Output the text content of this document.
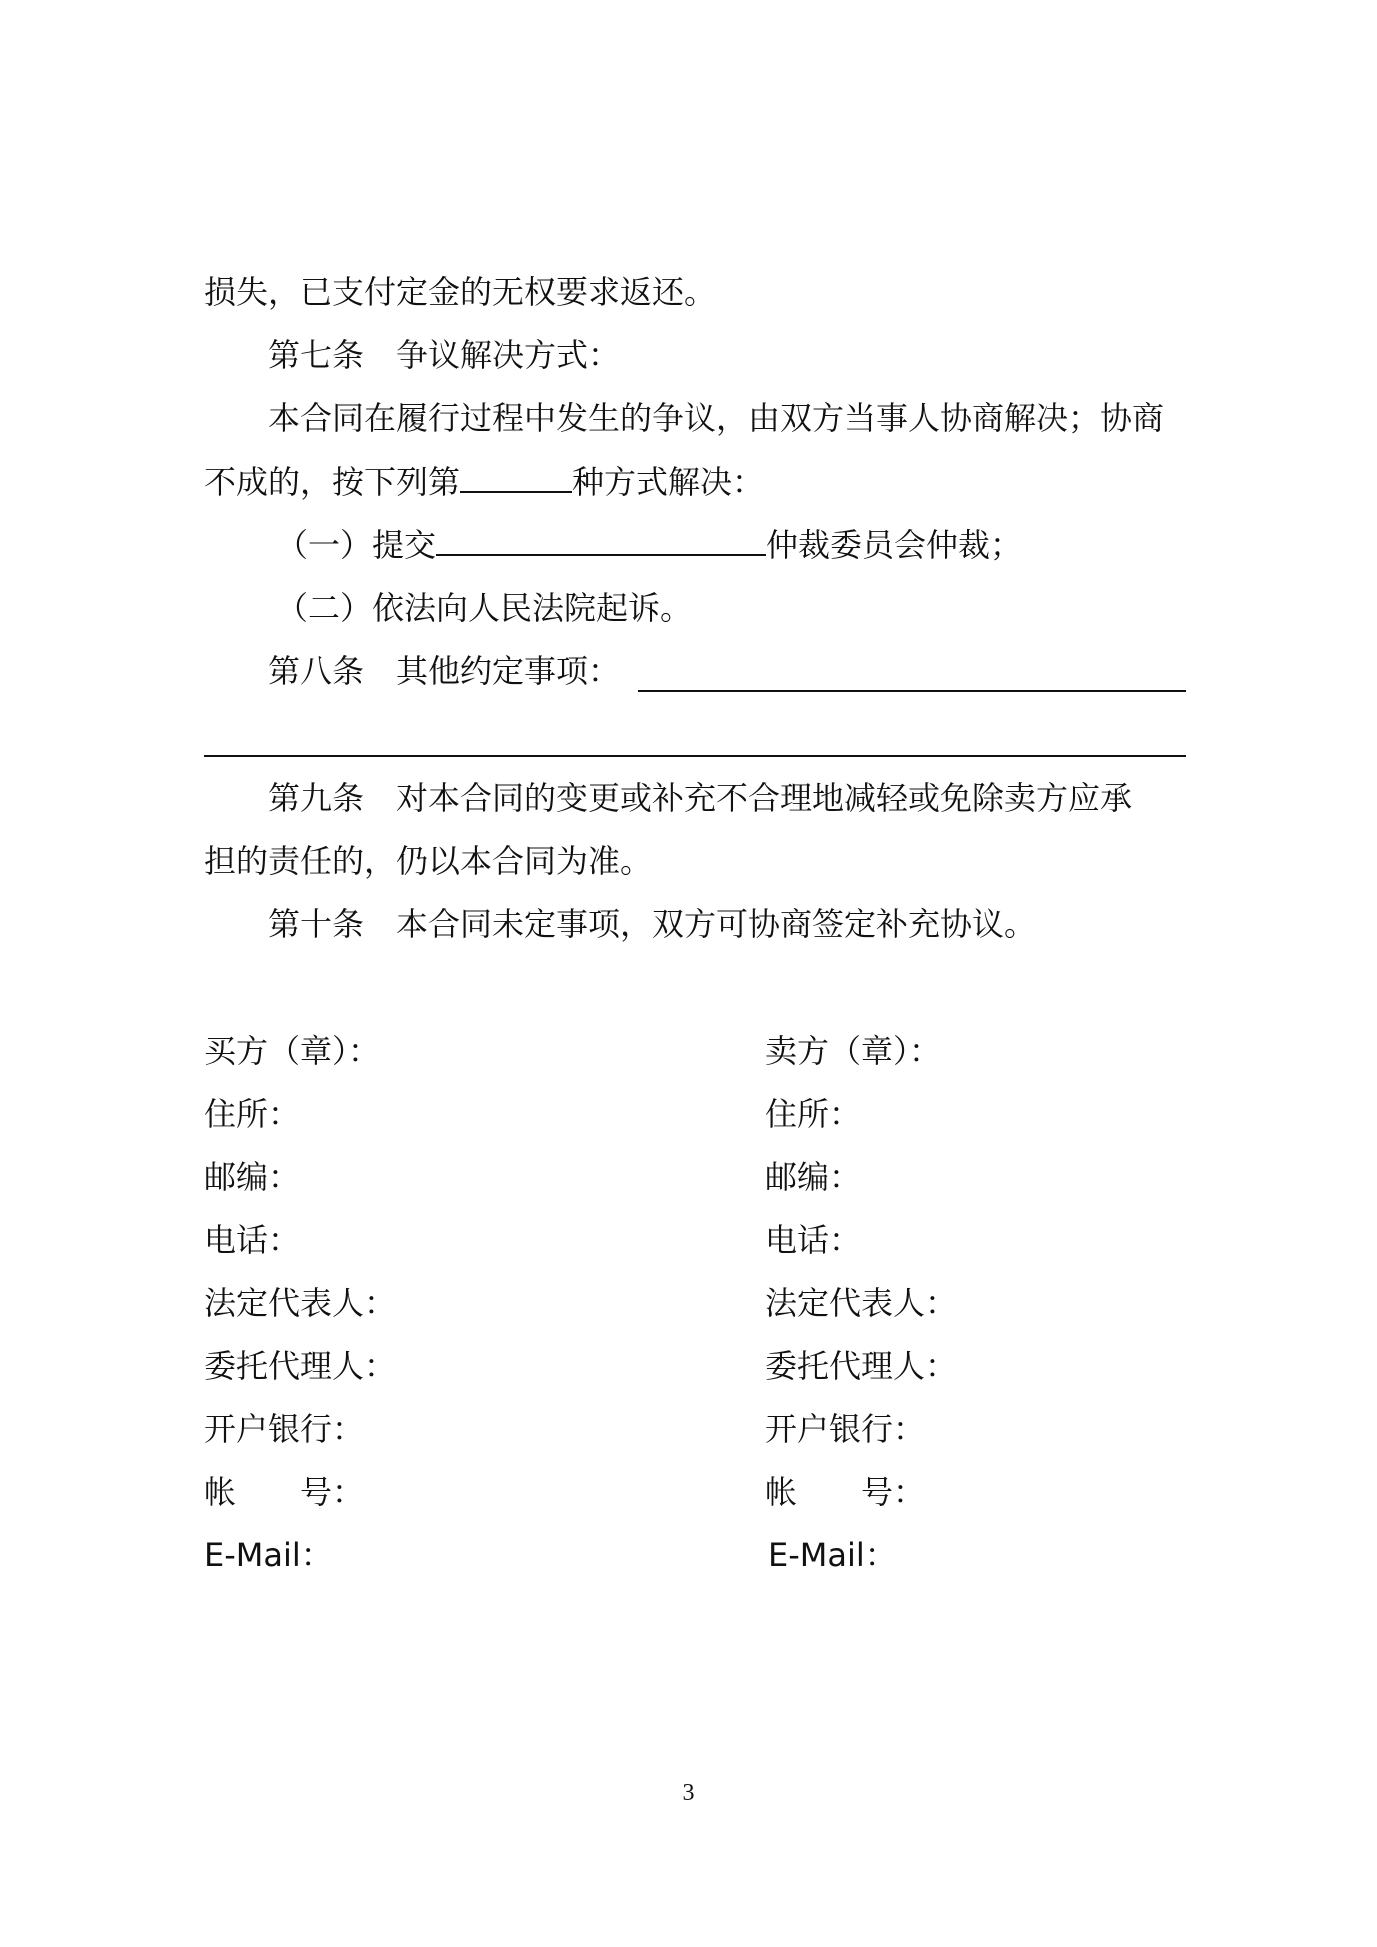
损失，已支付定金的无权要求返还。
第七条 争议解决方式：
本合同在履行过程中发生的争议，由双方当事人协商解决；协商
不成的，按下列第	种方式解决：
（一）提交	仲裁委员会仲裁；
（二）依法向人民法院起诉。
第八条 其他约定事项：
第九条 对本合同的变更或补充不合理地减轻或免除卖方应承
担的责任的，仍以本合同为准。
第十条 本合同未定事项，双方可协商签定补充协议。
买方（章）：
住所：
邮编：
电话：
法定代表人：
委托代理人：
开户银行：
帐 号：
E-Mail：
卖方（章）：
住所：
邮编：
电话：
法定代表人：
委托代理人：
开户银行：
帐 号：
E-Mail：
3
